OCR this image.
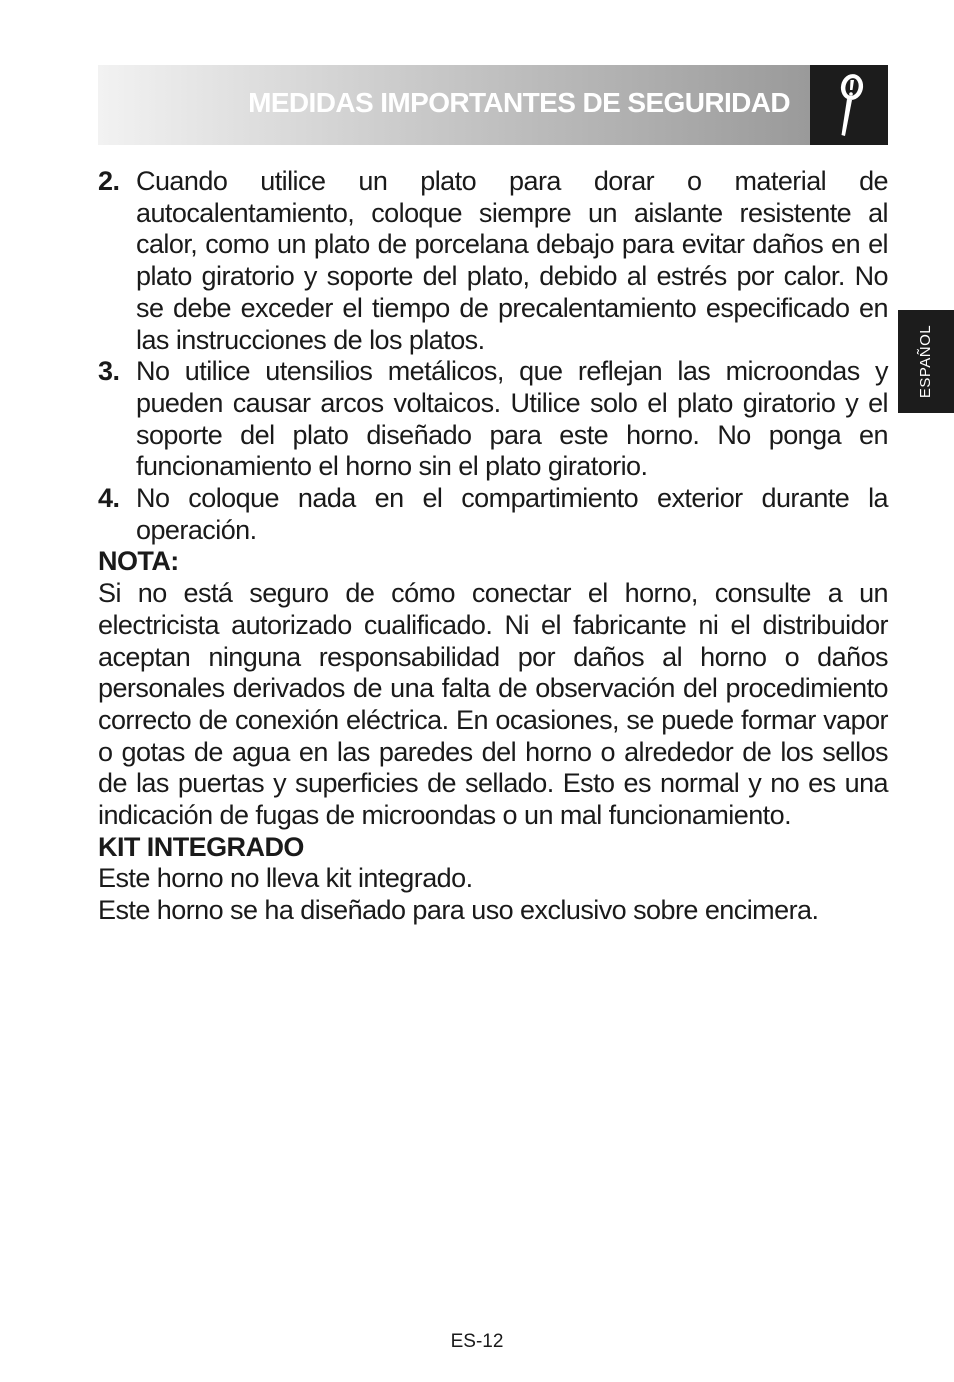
MEDIDAS IMPORTANTES DE SEGURIDAD
ESPAÑOL
2. Cuando utilice un plato para dorar o material de autocalentamiento, coloque siempre un aislante resistente al calor, como un plato de porcelana debajo para evitar daños en el plato giratorio y soporte del plato, debido al estrés por calor. No se debe exceder el tiempo de precalentamiento especificado en las instrucciones de los platos.
3. No utilice utensilios metálicos, que reflejan las microondas y pueden causar arcos voltaicos. Utilice solo el plato giratorio y el soporte del plato diseñado para este horno. No ponga en funcionamiento el horno sin el plato giratorio.
4. No coloque nada en el compartimiento exterior durante la operación.

NOTA:

Si no está seguro de cómo conectar el horno, consulte a un electricista autorizado cualificado. Ni el fabricante ni el distribuidor aceptan ninguna responsabilidad por daños al horno o daños personales derivados de una falta de observación del procedimiento correcto de conexión eléctrica. En ocasiones, se puede formar vapor o gotas de agua en las paredes del horno o alrededor de los sellos de las puertas y superficies de sellado. Esto es normal y no es una indicación de fugas de microondas o un mal funcionamiento.

KIT INTEGRADO

Este horno no lleva kit integrado.

Este horno se ha diseñado para uso exclusivo sobre encimera.

ES-12
